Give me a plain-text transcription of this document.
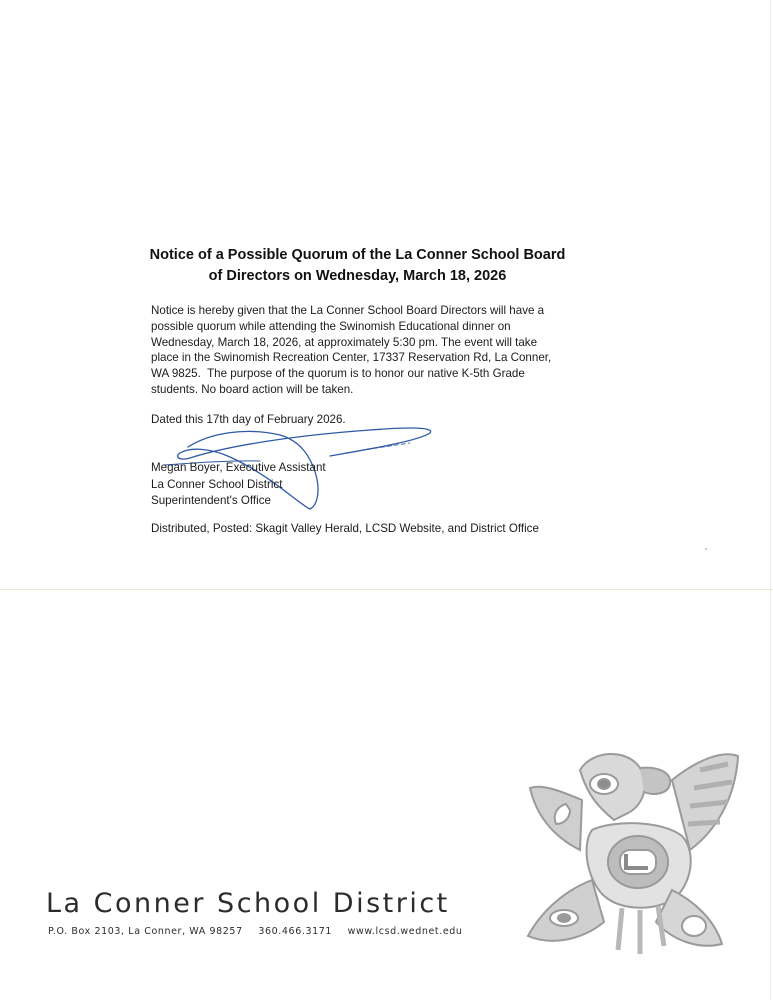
Notice of a Possible Quorum of the La Conner School Board
of Directors on Wednesday, March 18, 2026
Notice is hereby given that the La Conner School Board Directors will have a
possible quorum while attending the Swinomish Educational dinner on
Wednesday, March 18, 2026, at approximately 5:30 pm. The event will take
place in the Swinomish Recreation Center, 17337 Reservation Rd, La Conner,
WA 9825.  The purpose of the quorum is to honor our native K-5th Grade
students. No board action will be taken.
Dated this 17th day of February 2026.
Megan Boyer, Executive Assistant
La Conner School District
Superintendent's Office
Distributed, Posted: Skagit Valley Herald, LCSD Website, and District Office
La Conner School District
P.O. Box 2103, La Conner, WA 98257 360.466.3171 www.lcsd.wednet.edu
